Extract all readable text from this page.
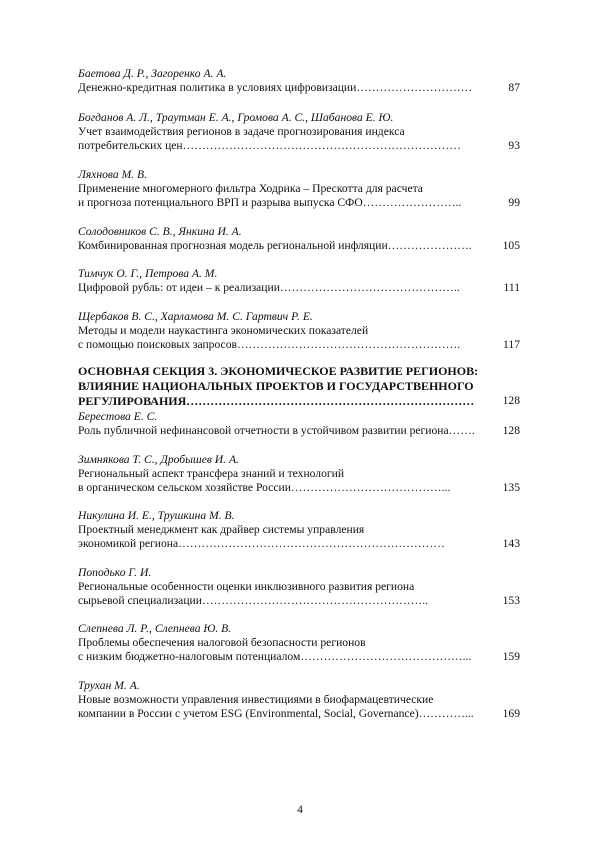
Баетова Д. Р., Загоренко А. А.
Денежно-кредитная политика в условиях цифровизации…………………………	87
Богданов А. Л., Траутман Е. А., Громова А. С., Шабанова Е. Ю.
Учет взаимодействия регионов в задаче прогнозирования индекса
потребительских цен………………………………………………………………	93
Ляхнова М. В.
Применение многомерного фильтра Ходрика – Прескотта для расчета
и прогноза потенциального ВРП и разрыва выпуска СФО……………………..	99
Солодовников С. В., Янкина И. А.
Комбинированная прогнозная модель региональной инфляции………………….	105
Тимчук О. Г., Петрова А. М.
Цифровой рубль: от идеи – к реализации………………………………………..	111
Щербаков В. С., Харламова М. С. Гартвич Р. Е.
Методы и модели наукастинга экономических показателей
с помощью поисковых запросов………………………………………………….	117
ОСНОВНАЯ СЕКЦИЯ 3. ЭКОНОМИЧЕСКОЕ РАЗВИТИЕ РЕГИОНОВ:
ВЛИЯНИЕ НАЦИОНАЛЬНЫХ ПРОЕКТОВ И ГОСУДАРСТВЕННОГО
РЕГУЛИРОВАНИЯ………………………………………………………………	128
Берестова Е. С.
Роль публичной нефинансовой отчетности в устойчивом развитии региона…….	128
Зимнякова Т. С., Дробышев И. А.
Региональный аспект трансфера знаний и технологий
в органическом сельском хозяйстве России…………………………………...	135
Никулина И. Е., Трушкина М. В.
Проектный менеджмент как драйвер системы управления
экономикой региона……………………………………………………………	143
Поподько Г. И.
Региональные особенности оценки инклюзивного развития региона
сырьевой специализации…………………………………………………..	153
Слепнева Л. Р., Слепнева Ю. В.
Проблемы обеспечения налоговой безопасности регионов
с низким бюджетно-налоговым потенциалом……………………………………...	159
Трухан М. А.
Новые возможности управления инвестициями в биофармацевтические
компании в России с учетом ESG (Environmental, Social, Governance)…………...	169
4
